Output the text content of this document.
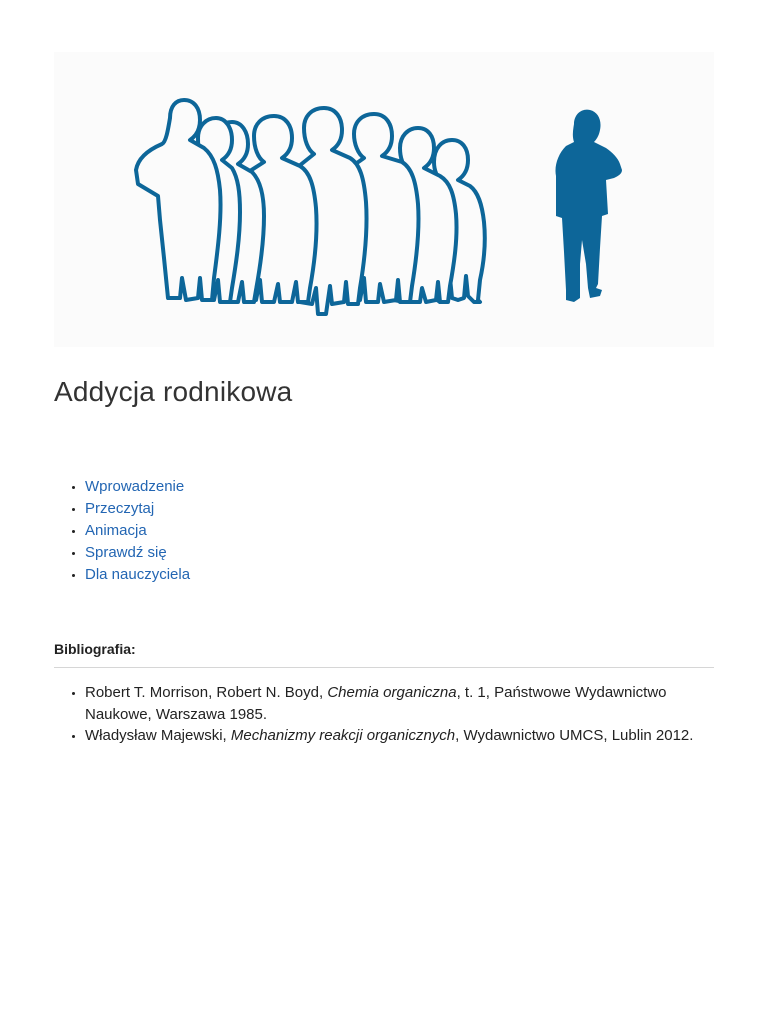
Addycja rodnikowa
• Wprowadzenie
• Przeczytaj
• Animacja
• Sprawdź się
• Dla nauczyciela
Bibliografia:
• Robert T. Morrison, Robert N. Boyd, Chemia organiczna, t. 1, Państwowe Wydawnictwo Naukowe, Warszawa 1985.
• Władysław Majewski, Mechanizmy reakcji organicznych, Wydawnictwo UMCS, Lublin 2012.
